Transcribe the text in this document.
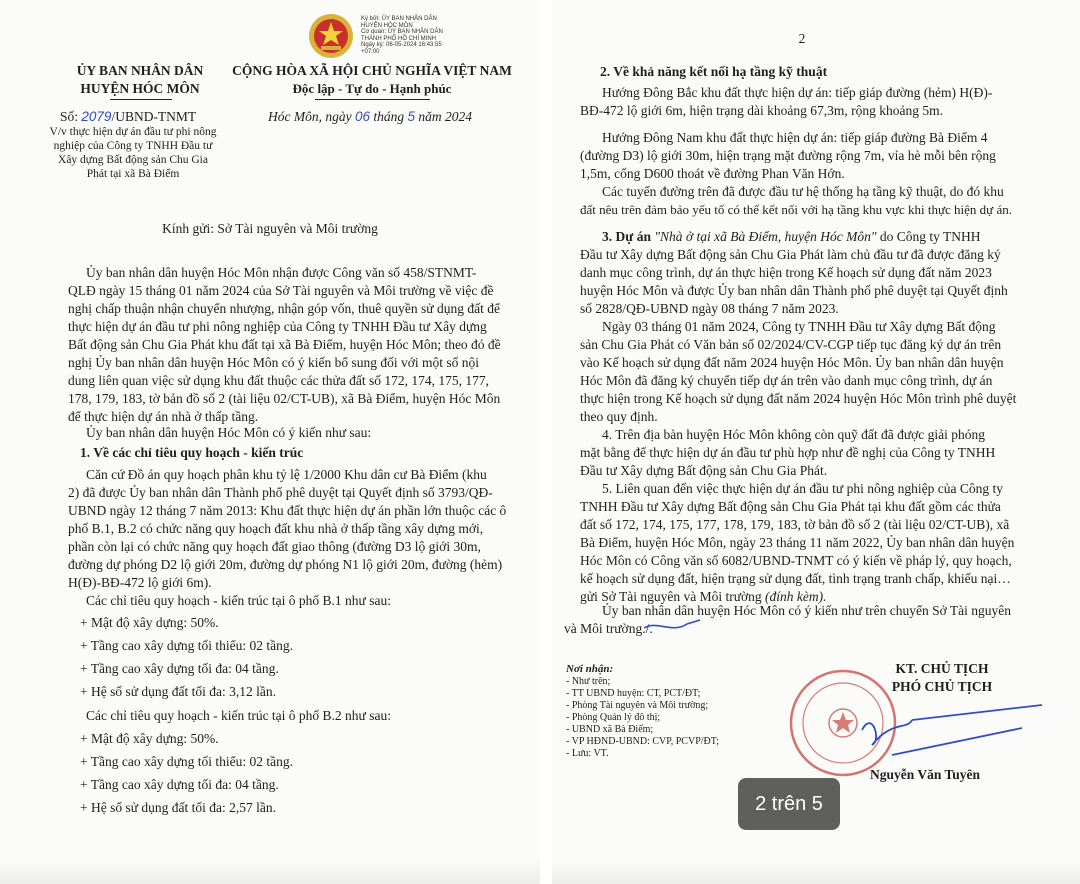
Ký bởi: ỦY BAN NHÂN DÂN
HUYỆN HÓC MÔN
Cơ quan: ỦY BAN NHÂN DÂN
THÀNH PHỐ HỒ CHÍ MINH
Ngày ký: 06-05-2024 16:43:55
+07:00
ỦY BAN NHÂN DÂN
HUYỆN HÓC MÔN
CỘNG HÒA XÃ HỘI CHỦ NGHĨA VIỆT NAM
Độc lập - Tự do - Hạnh phúc
Số: 2079/UBND-TNMT	Hóc Môn, ngày 06 tháng 5 năm 2024
V/v thực hiện dự án đầu tư phi nông
nghiệp của Công ty TNHH Đầu tư
Xây dựng Bất động sản Chu Gia
Phát tại xã Bà Điểm
Kính gửi: Sở Tài nguyên và Môi trường
Ủy ban nhân dân huyện Hóc Môn nhận được Công văn số 458/STNMT-
QLĐ ngày 15 tháng 01 năm 2024 của Sở Tài nguyên và Môi trường về việc đề
nghị chấp thuận nhận chuyển nhượng, nhận góp vốn, thuê quyền sử dụng đất để
thực hiện dự án đầu tư phi nông nghiệp của Công ty TNHH Đầu tư Xây dựng
Bất động sản Chu Gia Phát khu đất tại xã Bà Điểm, huyện Hóc Môn; theo đó đề
nghị Ủy ban nhân dân huyện Hóc Môn có ý kiến bổ sung đối với một số nội
dung liên quan việc sử dụng khu đất thuộc các thửa đất số 172, 174, 175, 177,
178, 179, 183, tờ bản đồ số 2 (tài liệu 02/CT-UB), xã Bà Điểm, huyện Hóc Môn
để thực hiện dự án nhà ở thấp tầng.
Ủy ban nhân dân huyện Hóc Môn có ý kiến như sau:
1. Về các chỉ tiêu quy hoạch - kiến trúc
Căn cứ Đồ án quy hoạch phân khu tỷ lệ 1/2000 Khu dân cư Bà Điểm (khu
2) đã được Ủy ban nhân dân Thành phố phê duyệt tại Quyết định số 3793/QĐ-
UBND ngày 12 tháng 7 năm 2013: Khu đất thực hiện dự án phần lớn thuộc các ô
phố B.1, B.2 có chức năng quy hoạch đất khu nhà ở thấp tầng xây dựng mới,
phần còn lại có chức năng quy hoạch đất giao thông (đường D3 lộ giới 30m,
đường dự phóng D2 lộ giới 20m, đường dự phóng N1 lộ giới 20m, đường (hẻm)
H(Đ)-BĐ-472 lộ giới 6m).
Các chỉ tiêu quy hoạch - kiến trúc tại ô phố B.1 như sau:
+ Mật độ xây dựng: 50%.
+ Tầng cao xây dựng tối thiểu: 02 tầng.
+ Tầng cao xây dựng tối đa: 04 tầng.
+ Hệ số sử dụng đất tối đa: 3,12 lần.
Các chỉ tiêu quy hoạch - kiến trúc tại ô phố B.2 như sau:
+ Mật độ xây dựng: 50%.
+ Tầng cao xây dựng tối thiểu: 02 tầng.
+ Tầng cao xây dựng tối đa: 04 tầng.
+ Hệ số sử dụng đất tối đa: 2,57 lần.
2
2. Về khả năng kết nối hạ tầng kỹ thuật
Hướng Đông Bắc khu đất thực hiện dự án: tiếp giáp đường (hẻm) H(Đ)-
BĐ-472 lộ giới 6m, hiện trạng dài khoảng 67,3m, rộng khoảng 5m.
Hướng Đông Nam khu đất thực hiện dự án: tiếp giáp đường Bà Điểm 4
(đường D3) lộ giới 30m, hiện trạng mặt đường rộng 7m, vỉa hè mỗi bên rộng
1,5m, cống D600 thoát về đường Phan Văn Hớn.
Các tuyến đường trên đã được đầu tư hệ thống hạ tầng kỹ thuật, do đó khu
đất nêu trên đảm bảo yếu tố có thể kết nối với hạ tầng khu vực khi thực hiện dự án.
3. Dự án "Nhà ở tại xã Bà Điểm, huyện Hóc Môn" do Công ty TNHH
Đầu tư Xây dựng Bất động sản Chu Gia Phát làm chủ đầu tư đã được đăng ký
danh mục công trình, dự án thực hiện trong Kế hoạch sử dụng đất năm 2023
huyện Hóc Môn và được Ủy ban nhân dân Thành phố phê duyệt tại Quyết định
số 2828/QĐ-UBND ngày 08 tháng 7 năm 2023.
Ngày 03 tháng 01 năm 2024, Công ty TNHH Đầu tư Xây dựng Bất động
sản Chu Gia Phát có Văn bản số 02/2024/CV-CGP tiếp tục đăng ký dự án trên
vào Kế hoạch sử dụng đất năm 2024 huyện Hóc Môn. Ủy ban nhân dân huyện
Hóc Môn đã đăng ký chuyển tiếp dự án trên vào danh mục công trình, dự án
thực hiện trong Kế hoạch sử dụng đất năm 2024 huyện Hóc Môn trình phê duyệt
theo quy định.
4. Trên địa bàn huyện Hóc Môn không còn quỹ đất đã được giải phóng
mặt bằng để thực hiện dự án đầu tư phù hợp như đề nghị của Công ty TNHH
Đầu tư Xây dựng Bất động sản Chu Gia Phát.
5. Liên quan đến việc thực hiện dự án đầu tư phi nông nghiệp của Công ty
TNHH Đầu tư Xây dựng Bất động sản Chu Gia Phát tại khu đất gồm các thửa
đất số 172, 174, 175, 177, 178, 179, 183, tờ bản đồ số 2 (tài liệu 02/CT-UB), xã
Bà Điểm, huyện Hóc Môn, ngày 23 tháng 11 năm 2022, Ủy ban nhân dân huyện
Hóc Môn có Công văn số 6082/UBND-TNMT có ý kiến về pháp lý, quy hoạch,
kế hoạch sử dụng đất, hiện trạng sử dụng đất, tình trạng tranh chấp, khiếu nại…
gửi Sở Tài nguyên và Môi trường (đính kèm).
Ủy ban nhân dân huyện Hóc Môn có ý kiến như trên chuyển Sở Tài nguyên
và Môi trường./.
Nơi nhận:
- Như trên;
- TT UBND huyện: CT, PCT/ĐT;
- Phòng Tài nguyên và Môi trường;
- Phòng Quản lý đô thị;
- UBND xã Bà Điểm;
- VP HĐND-UBND: CVP, PCVP/ĐT;
- Lưu: VT.
KT. CHỦ TỊCH
PHÓ CHỦ TỊCH
Nguyễn Văn Tuyên
2 trên 5
